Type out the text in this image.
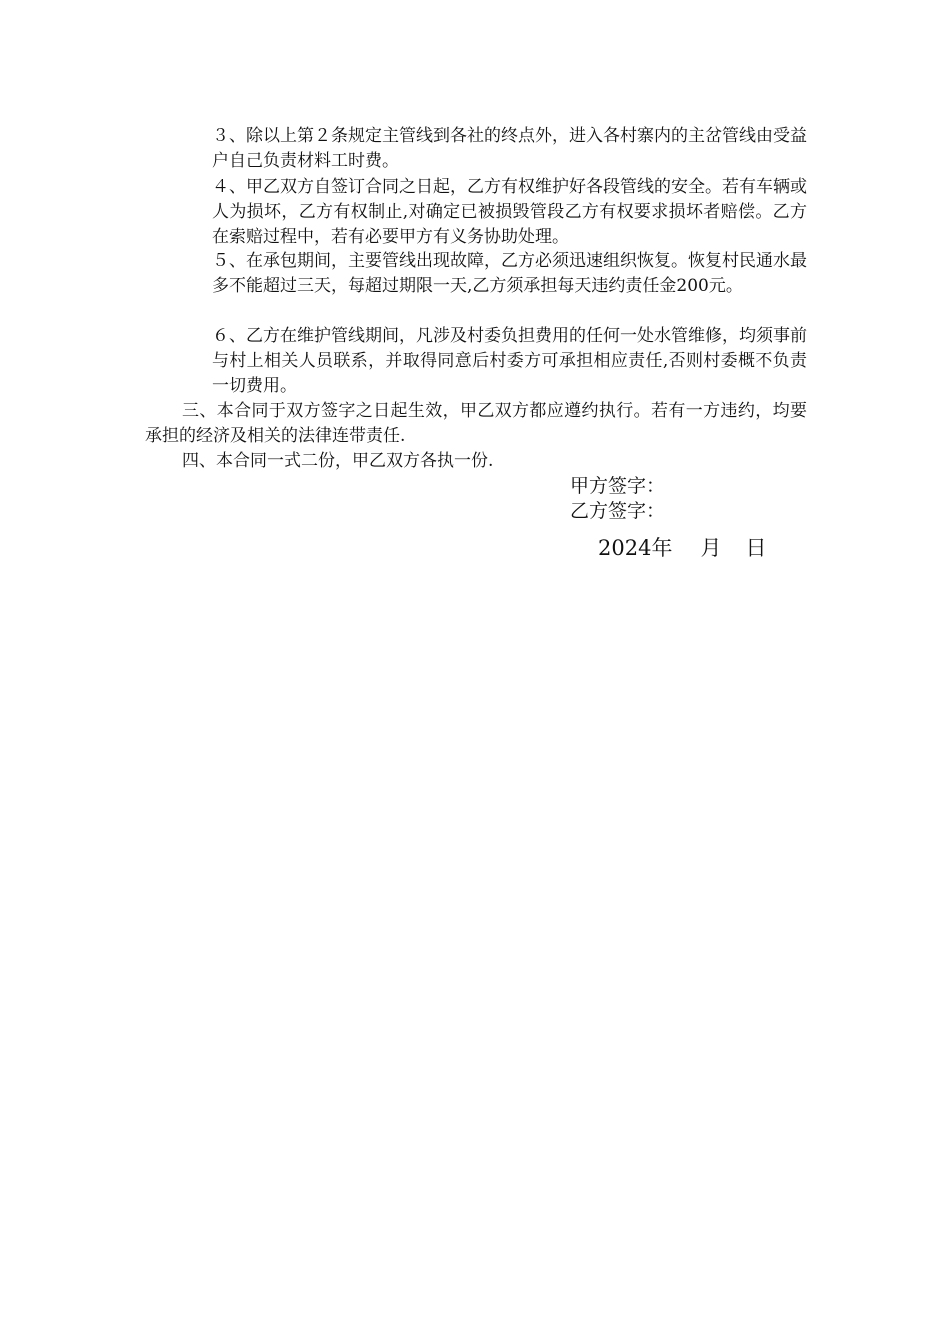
３、除以上第２条规定主管线到各社的终点外，进入各村寨内的主岔管线由受益户自己负责材料工时费。

４、甲乙双方自签订合同之日起，乙方有权维护好各段管线的安全。若有车辆或人为损坏，乙方有权制止,对确定已被损毁管段乙方有权要求损坏者赔偿。乙方在索赔过程中，若有必要甲方有义务协助处理。

５、在承包期间，主要管线出现故障，乙方必须迅速组织恢复。恢复村民通水最多不能超过三天，每超过期限一天,乙方须承担每天违约责任金200元。

６、乙方在维护管线期间，凡涉及村委负担费用的任何一处水管维修，均须事前与村上相关人员联系，并取得同意后村委方可承担相应责任,否则村委概不负责一切费用。

三、本合同于双方签字之日起生效，甲乙双方都应遵约执行。若有一方违约，均要承担的经济及相关的法律连带责任.

四、本合同一式二份，甲乙双方各执一份.

甲方签字：

乙方签字：

2024年 月 日
